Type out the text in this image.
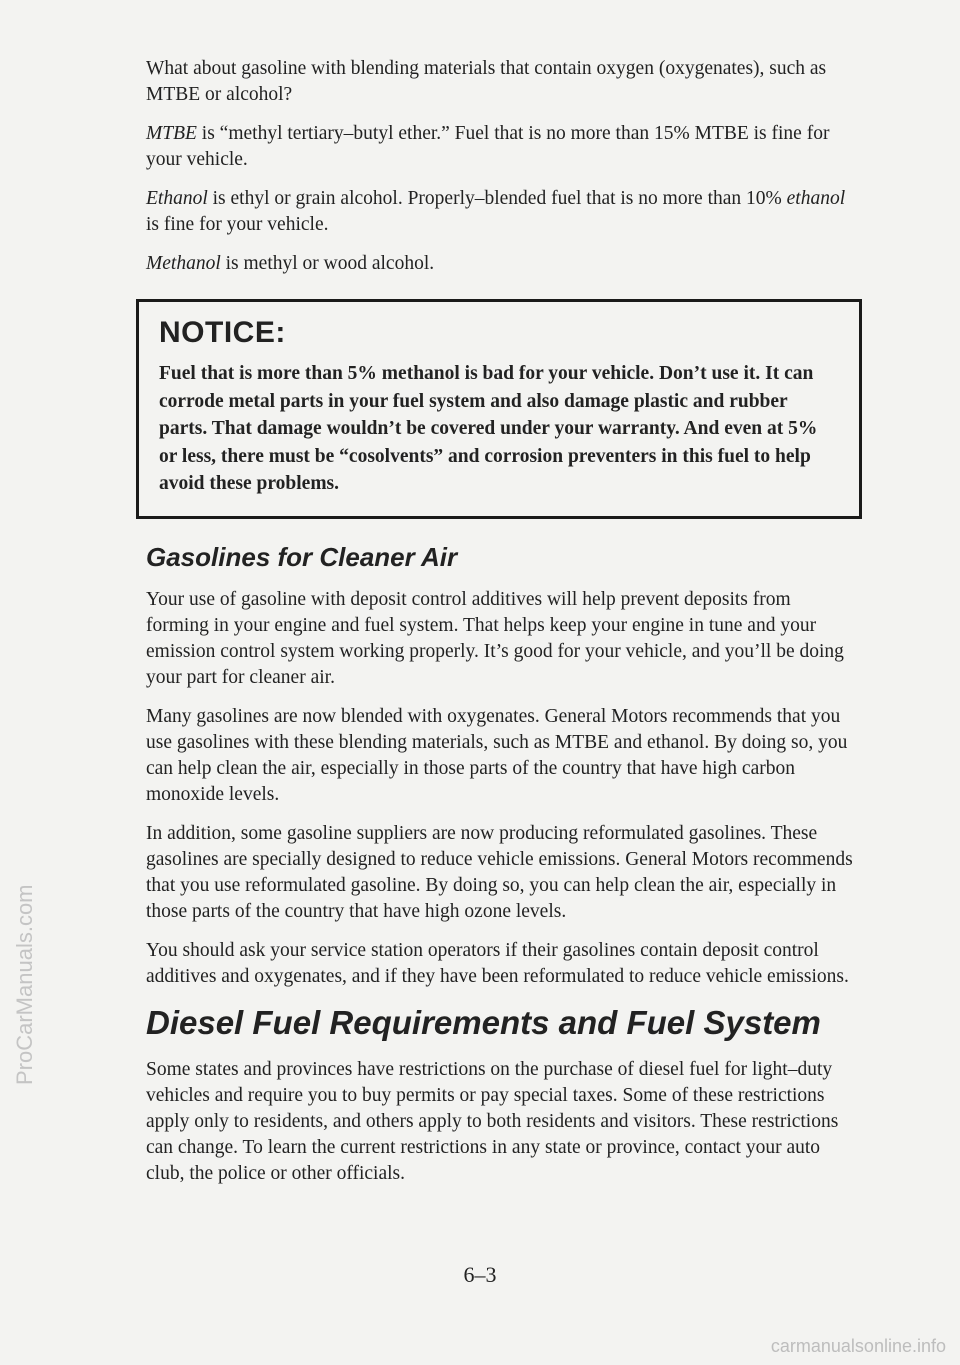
What about gasoline with blending materials that contain oxygen (oxygenates), such as MTBE or alcohol?

MTBE is “methyl tertiary–butyl ether.” Fuel that is no more than 15% MTBE is fine for your vehicle.

Ethanol is ethyl or grain alcohol. Properly–blended fuel that is no more than 10% ethanol is fine for your vehicle.

Methanol is methyl or wood alcohol.

NOTICE:

Fuel that is more than 5% methanol is bad for your vehicle. Don’t use it. It can corrode metal parts in your fuel system and also damage plastic and rubber parts. That damage wouldn’t be covered under your warranty. And even at 5% or less, there must be “cosolvents” and corrosion preventers in this fuel to help avoid these problems.

Gasolines for Cleaner Air

Your use of gasoline with deposit control additives will help prevent deposits from forming in your engine and fuel system. That helps keep your engine in tune and your emission control system working properly. It’s good for your vehicle, and you’ll be doing your part for cleaner air.

Many gasolines are now blended with oxygenates. General Motors recommends that you use gasolines with these blending materials, such as MTBE and ethanol. By doing so, you can help clean the air, especially in those parts of the country that have high carbon monoxide levels.

In addition, some gasoline suppliers are now producing reformulated gasolines. These gasolines are specially designed to reduce vehicle emissions. General Motors recommends that you use reformulated gasoline. By doing so, you can help clean the air, especially in those parts of the country that have high ozone levels.

You should ask your service station operators if their gasolines contain deposit control additives and oxygenates, and if they have been reformulated to reduce vehicle emissions.

Diesel Fuel Requirements and Fuel System

Some states and provinces have restrictions on the purchase of diesel fuel for light–duty vehicles and require you to buy permits or pay special taxes. Some of these restrictions apply only to residents, and others apply to both residents and visitors. These restrictions can change. To learn the current restrictions in any state or province, contact your auto club, the police or other officials.

6–3
ProCarManuals.com
carmanualsonline.info
